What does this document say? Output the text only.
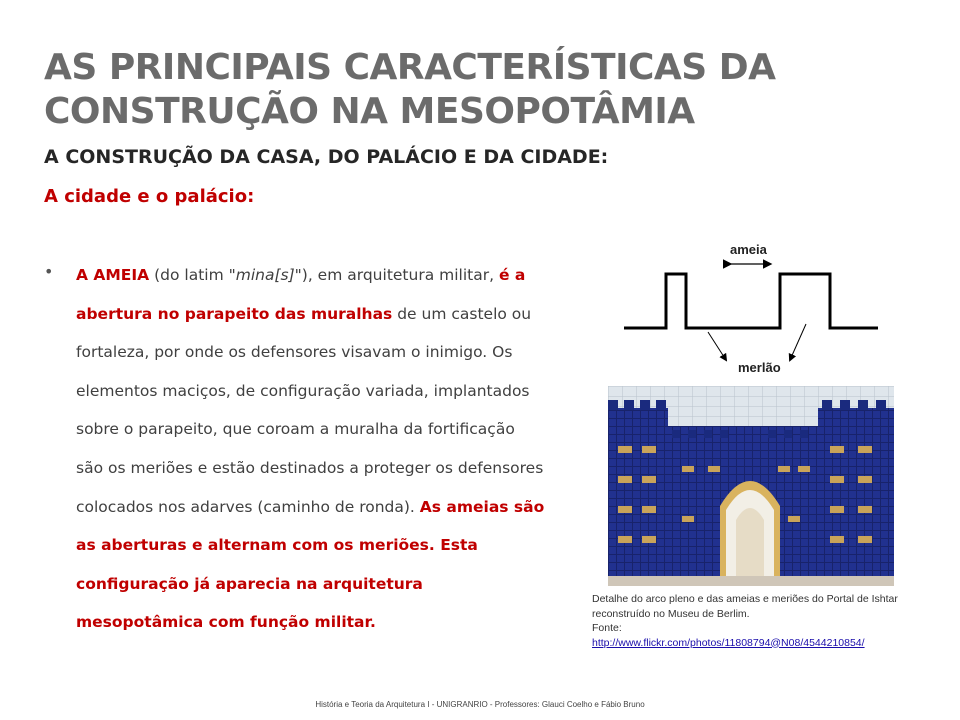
AS PRINCIPAIS CARACTERÍSTICAS DA CONSTRUÇÃO NA MESOPOTÂMIA
A CONSTRUÇÃO DA CASA, DO PALÁCIO E DA CIDADE:
A cidade e o palácio:
• A AMEIA (do latim "mina[s]"), em arquitetura militar, é a abertura no parapeito das muralhas de um castelo ou fortaleza, por onde os defensores visavam o inimigo. Os elementos maciços, de configuração variada, implantados sobre o parapeito, que coroam a muralha da fortificação são os meriões e estão destinados a proteger os defensores colocados nos adarves (caminho de ronda). As ameias são as aberturas e alternam com os meriões. Esta configuração já aparecia na arquitetura mesopotâmica com função militar.
ameia
merlão
Detalhe do arco pleno e das ameias e meriões do Portal de Ishtar reconstruído no Museu de Berlim.
Fonte:
http://www.flickr.com/photos/11808794@N08/4544210854/
História e Teoria da Arquitetura I - UNIGRANRIO - Professores: Glauci Coelho e Fábio Bruno
